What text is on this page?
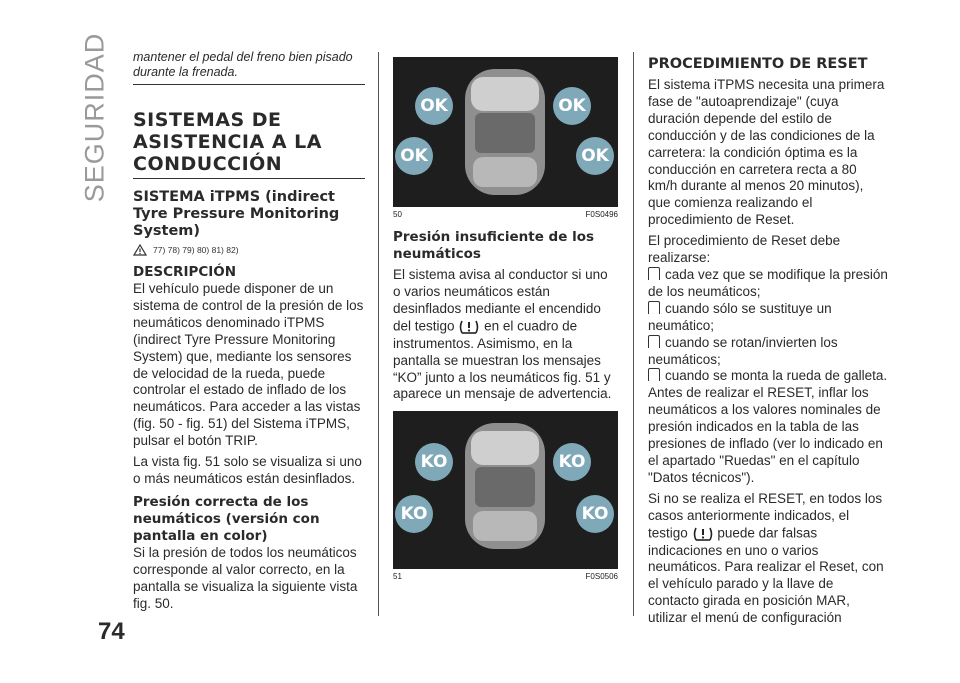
SEGURIDAD
74
mantener el pedal del freno bien pisado durante la frenada.
SISTEMAS DE ASISTENCIA A LA CONDUCCIÓN
SISTEMA iTPMS (indirect Tyre Pressure Monitoring System)
77) 78) 79) 80) 81) 82)
DESCRIPCIÓN

El vehículo puede disponer de un sistema de control de la presión de los neumáticos denominado iTPMS (indirect Tyre Pressure Monitoring System) que, mediante los sensores de velocidad de la rueda, puede controlar el estado de inflado de los neumáticos. Para acceder a las vistas (fig. 50 - fig. 51) del Sistema iTPMS, pulsar el botón TRIP.

La vista fig. 51 solo se visualiza si uno o más neumáticos están desinflados.

Presión correcta de los neumáticos (versión con pantalla en color)

Si la presión de todos los neumáticos corresponde al valor correcto, en la pantalla se visualiza la siguiente vista fig. 50.

OK	OK
OK	OK
50	F0S0496
Presión insuficiente de los neumáticos

El sistema avisa al conductor si uno o varios neumáticos están desinflados mediante el encendido del testigo en el cuadro de instrumentos. Asimismo, en la pantalla se muestran los mensajes “KO” junto a los neumáticos fig. 51 y aparece un mensaje de advertencia.

KO	KO
KO	KO
51	F0S0506
PROCEDIMIENTO DE RESET

El sistema iTPMS necesita una primera fase de "autoaprendizaje" (cuya duración depende del estilo de conducción y de las condiciones de la carretera: la condición óptima es la conducción en carretera recta a 80 km/h durante al menos 20 minutos), que comienza realizando el procedimiento de Reset.

El procedimiento de Reset debe realizarse:

cada vez que se modifique la presión de los neumáticos;

cuando sólo se sustituye un neumático;

cuando se rotan/invierten los neumáticos;

cuando se monta la rueda de galleta.

Antes de realizar el RESET, inflar los neumáticos a los valores nominales de presión indicados en la tabla de las presiones de inflado (ver lo indicado en el apartado "Ruedas" en el capítulo "Datos técnicos").

Si no se realiza el RESET, en todos los casos anteriormente indicados, el testigo puede dar falsas indicaciones en uno o varios neumáticos. Para realizar el Reset, con el vehículo parado y la llave de contacto girada en posición MAR, utilizar el menú de configuración
